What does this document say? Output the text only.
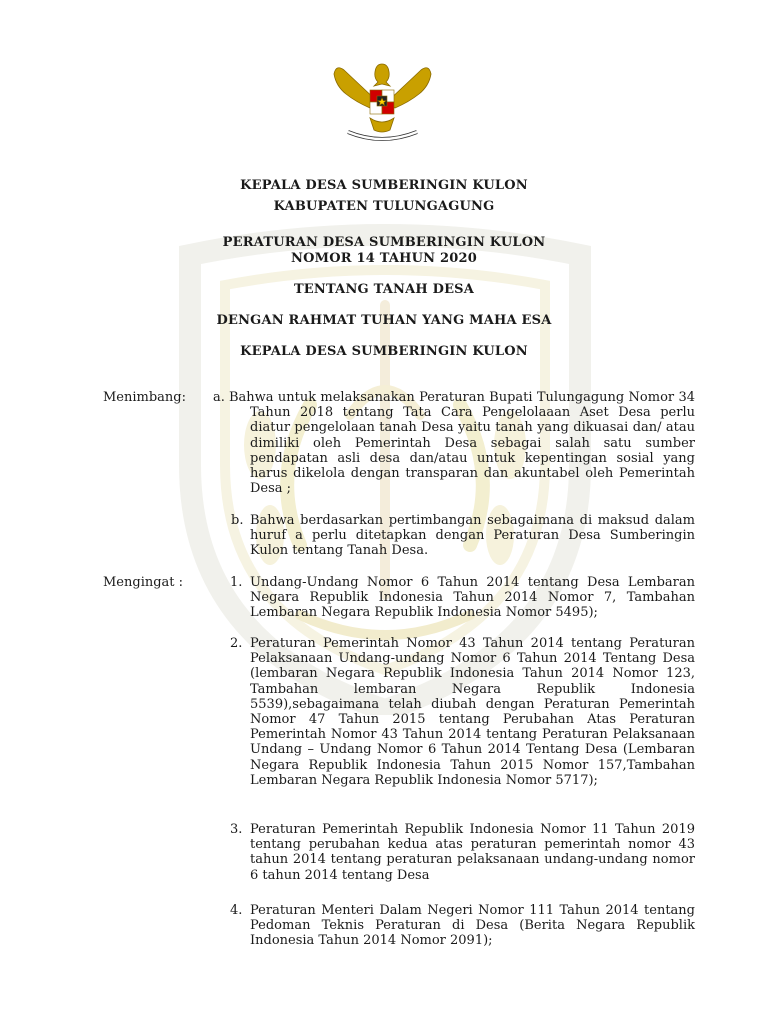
KEPALA DESA SUMBERINGIN KULON
KABUPATEN TULUNGAGUNG
PERATURAN DESA SUMBERINGIN KULON
NOMOR 14 TAHUN 2020
TENTANG TANAH DESA
DENGAN RAHMAT TUHAN YANG MAHA ESA
KEPALA DESA SUMBERINGIN KULON
Menimbang: a. Bahwa untuk melaksanakan Peraturan Bupati Tulungagung Nomor 34 Tahun 2018 tentang Tata Cara Pengelolaaan Aset Desa perlu diatur pengelolaan tanah Desa yaitu tanah yang dikuasai dan/ atau dimiliki oleh Pemerintah Desa sebagai salah satu sumber pendapatan asli desa dan/atau untuk kepentingan sosial yang harus dikelola dengan transparan dan akuntabel oleh Pemerintah Desa ;
b. Bahwa berdasarkan pertimbangan sebagaimana di maksud dalam huruf a perlu ditetapkan dengan Peraturan Desa Sumberingin Kulon tentang Tanah Desa.
Mengingat :	1. Undang-Undang Nomor 6 Tahun 2014 tentang Desa Lembaran Negara Republik Indonesia Tahun 2014 Nomor 7, Tambahan Lembaran Negara Republik Indonesia Nomor 5495);
2. Peraturan Pemerintah Nomor 43 Tahun 2014 tentang Peraturan Pelaksanaan Undang-undang Nomor 6 Tahun 2014 Tentang Desa (lembaran Negara Republik Indonesia Tahun 2014 Nomor 123, Tambahan lembaran Negara Republik Indonesia 5539),sebagaimana telah diubah dengan Peraturan Pemerintah Nomor 47 Tahun 2015 tentang Perubahan Atas Peraturan Pemerintah Nomor 43 Tahun 2014 tentang Peraturan Pelaksanaan Undang – Undang Nomor 6 Tahun 2014 Tentang Desa (Lembaran Negara Republik Indonesia Tahun 2015 Nomor 157,Tambahan Lembaran Negara Republik Indonesia Nomor 5717);
3. Peraturan Pemerintah Republik Indonesia Nomor 11 Tahun 2019 tentang perubahan kedua atas peraturan pemerintah nomor 43 tahun 2014 tentang peraturan pelaksanaan undang-undang nomor 6 tahun 2014 tentang Desa
4. Peraturan Menteri Dalam Negeri Nomor 111 Tahun 2014 tentang Pedoman Teknis Peraturan di Desa (Berita Negara Republik Indonesia Tahun 2014 Nomor 2091);
